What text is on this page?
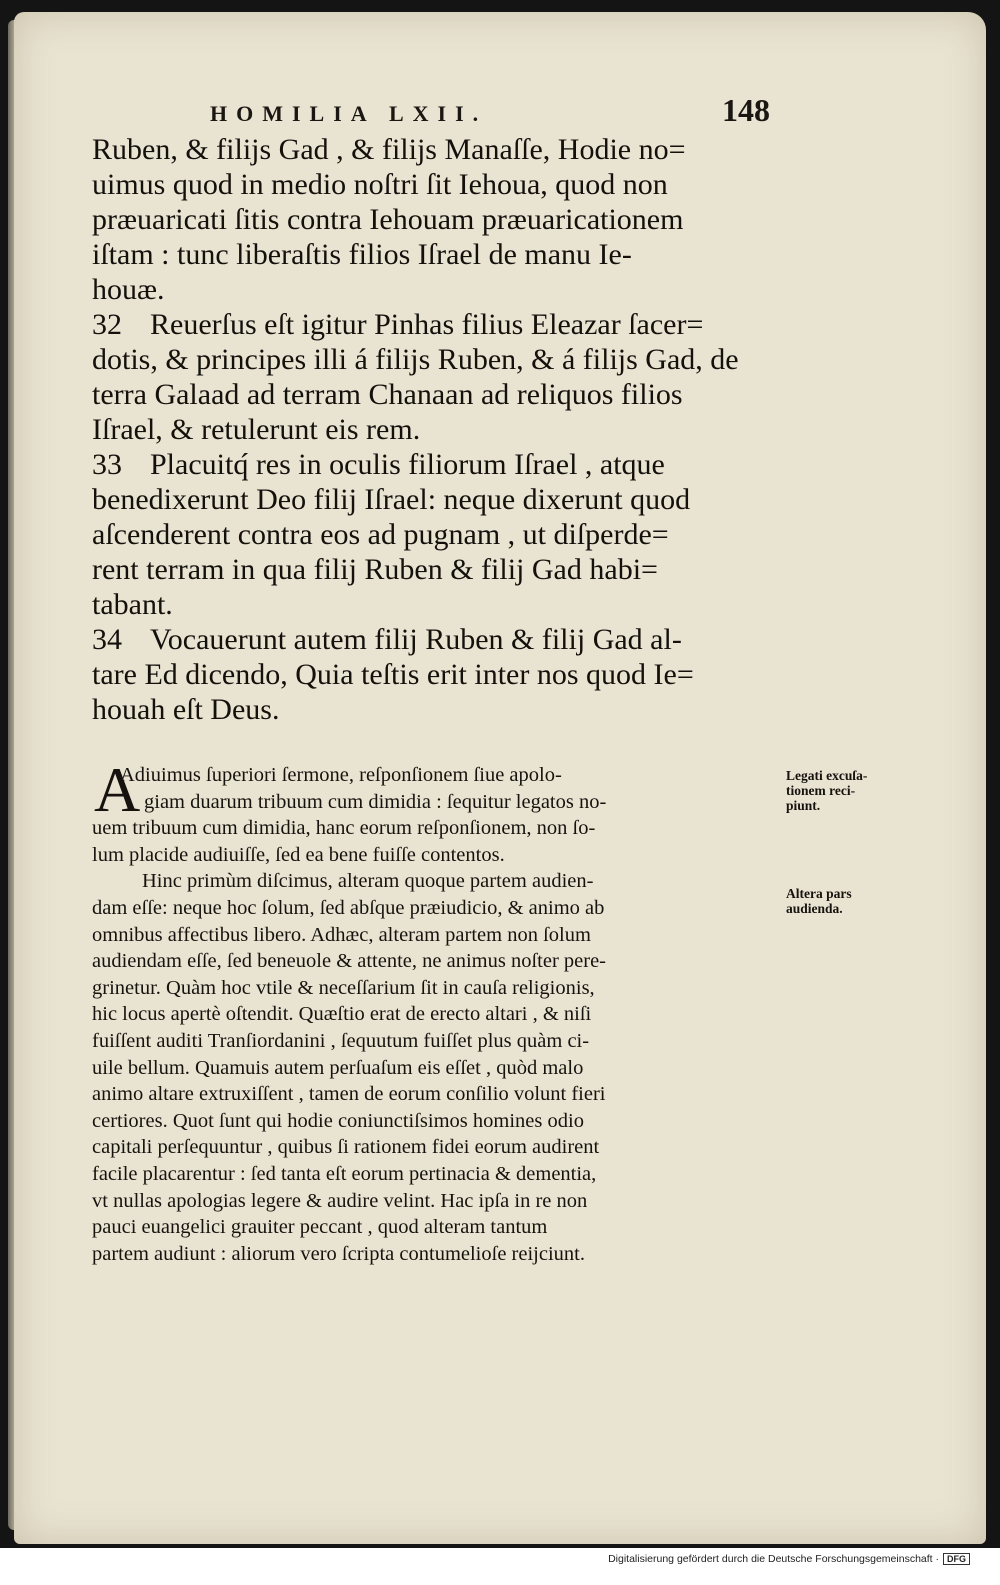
HOMILIA LXII.	148
Ruben, & filijs Gad , & filijs Manaſſe, Hodie no=
uimus quod in medio noſtri ſit Iehoua, quod non
præuaricati ſitis contra Iehouam præuaricationem
iſtam : tunc liberaſtis filios Iſrael de manu Ie-
houæ.
32 Reuerſus eſt igitur Pinhas filius Eleazar ſacer=
dotis, & principes illi á filijs Ruben, & á filijs Gad, de
terra Galaad ad terram Chanaan ad reliquos filios
Iſrael, & retulerunt eis rem.
33 Placuitq́ res in oculis filiorum Iſrael , atque
benedixerunt Deo filij Iſrael: neque dixerunt quod
aſcenderent contra eos ad pugnam , ut diſperde=
rent terram in qua filij Ruben & filij Gad habi=
tabant.
34 Vocauerunt autem filij Ruben & filij Gad al-
tare Ed dicendo, Quia teſtis erit inter nos quod Ie=
houah eſt Deus.
A
Adiuimus ſuperiori ſermone, reſponſionem ſiue apolo-
giam duarum tribuum cum dimidia : ſequitur legatos no-
uem tribuum cum dimidia, hanc eorum reſponſionem, non ſo-
lum placide audiuiſſe, ſed ea bene fuiſſe contentos.
Hinc primùm diſcimus, alteram quoque partem audien-
dam eſſe: neque hoc ſolum, ſed abſque præiudicio, & animo ab
omnibus affectibus libero. Adhæc, alteram partem non ſolum
audiendam eſſe, ſed beneuole & attente, ne animus noſter pere-
grinetur. Quàm hoc vtile & neceſſarium ſit in cauſa religionis,
hic locus apertè oſtendit. Quæſtio erat de erecto altari , & niſi
fuiſſent auditi Tranſiordanini , ſequutum fuiſſet plus quàm ci-
uile bellum. Quamuis autem perſuaſum eis eſſet , quòd malo
animo altare extruxiſſent , tamen de eorum conſilio volunt fieri
certiores. Quot ſunt qui hodie coniunctiſsimos homines odio
capitali perſequuntur , quibus ſi rationem fidei eorum audirent
facile placarentur : ſed tanta eſt eorum pertinacia & dementia,
vt nullas apologias legere & audire velint. Hac ipſa in re non
pauci euangelici grauiter peccant , quod alteram tantum
partem audiunt : aliorum vero ſcripta contumelioſe reijciunt.
Legati excuſa-
tionem reci-
piunt.
Altera pars
audienda.
Digitalisierung gefördert durch die Deutsche Forschungsgemeinschaft · DFG
